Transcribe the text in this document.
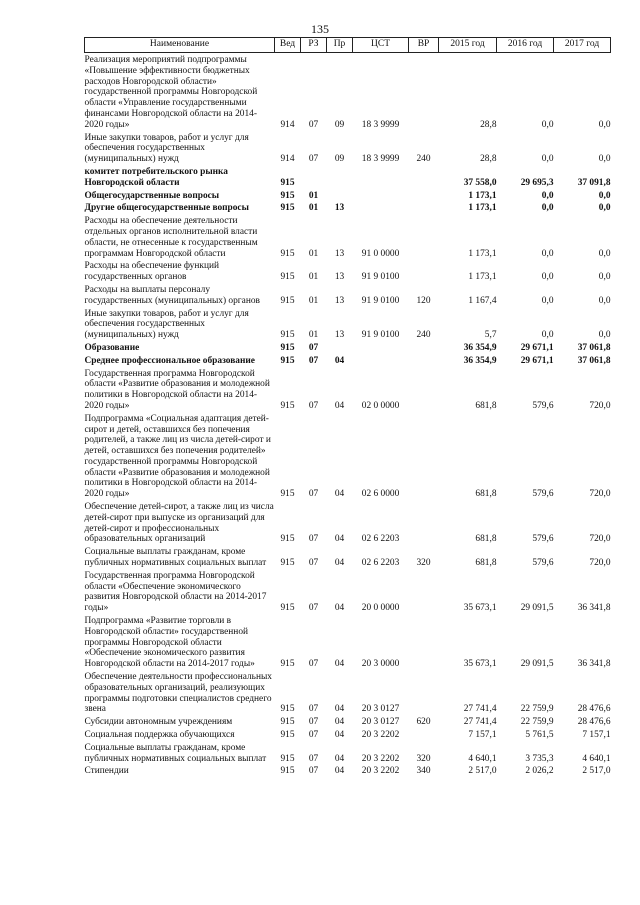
135
Наименование	Вед	РЗ	Пр	ЦСТ	ВР	2015 год	2016 год	2017 год
Реализация мероприятий подпрограммы «Повышение эффективности бюджетных расходов Новгородской области» государственной программы Новгородской области «Управление государственными финансами Новгородской области на 2014-2020 годы»	914	07	09	18 3 9999		28,8	0,0	0,0
Иные закупки товаров, работ и услуг для обеспечения государственных (муниципальных) нужд	914	07	09	18 3 9999	240	28,8	0,0	0,0
комитет потребительского рынка Новгородской области	915					37 558,0	29 695,3	37 091,8
Общегосударственные вопросы	915	01				1 173,1	0,0	0,0
Другие общегосударственные вопросы	915	01	13			1 173,1	0,0	0,0
Расходы на обеспечение деятельности отдельных органов исполнительной власти области, не отнесенные к государственным программам Новгородской области	915	01	13	91 0 0000		1 173,1	0,0	0,0
Расходы на обеспечение функций государственных органов	915	01	13	91 9 0100		1 173,1	0,0	0,0
Расходы на выплаты персоналу государственных (муниципальных) органов	915	01	13	91 9 0100	120	1 167,4	0,0	0,0
Иные закупки товаров, работ и услуг для обеспечения государственных (муниципальных) нужд	915	01	13	91 9 0100	240	5,7	0,0	0,0
Образование	915	07				36 354,9	29 671,1	37 061,8
Среднее профессиональное образование	915	07	04			36 354,9	29 671,1	37 061,8
Государственная программа Новгородской области «Развитие образования и молодежной политики в Новгородской области на 2014-2020 годы»	915	07	04	02 0 0000		681,8	579,6	720,0
Подпрограмма «Социальная адаптация детей-сирот и детей, оставшихся без попечения родителей, а также лиц из числа детей-сирот и детей, оставшихся без попечения родителей» государственной программы Новгородской области «Развитие образования и молодежной политики в Новгородской области на 2014-2020 годы»	915	07	04	02 6 0000		681,8	579,6	720,0
Обеспечение детей-сирот, а также лиц из числа детей-сирот при выпуске из организаций для детей-сирот и профессиональных образовательных организаций	915	07	04	02 6 2203		681,8	579,6	720,0
Социальные выплаты гражданам, кроме публичных нормативных социальных выплат	915	07	04	02 6 2203	320	681,8	579,6	720,0
Государственная программа Новгородской области «Обеспечение экономического развития Новгородской области на 2014-2017 годы»	915	07	04	20 0 0000		35 673,1	29 091,5	36 341,8
Подпрограмма «Развитие торговли в Новгородской области» государственной программы Новгородской области «Обеспечение экономического развития Новгородской области на 2014-2017 годы»	915	07	04	20 3 0000		35 673,1	29 091,5	36 341,8
Обеспечение деятельности профессиональных образовательных организаций, реализующих программы подготовки специалистов среднего звена	915	07	04	20 3 0127		27 741,4	22 759,9	28 476,6
Субсидии автономным учреждениям	915	07	04	20 3 0127	620	27 741,4	22 759,9	28 476,6
Социальная поддержка обучающихся	915	07	04	20 3 2202		7 157,1	5 761,5	7 157,1
Социальные выплаты гражданам, кроме публичных нормативных социальных выплат	915	07	04	20 3 2202	320	4 640,1	3 735,3	4 640,1
Стипендии	915	07	04	20 3 2202	340	2 517,0	2 026,2	2 517,0
